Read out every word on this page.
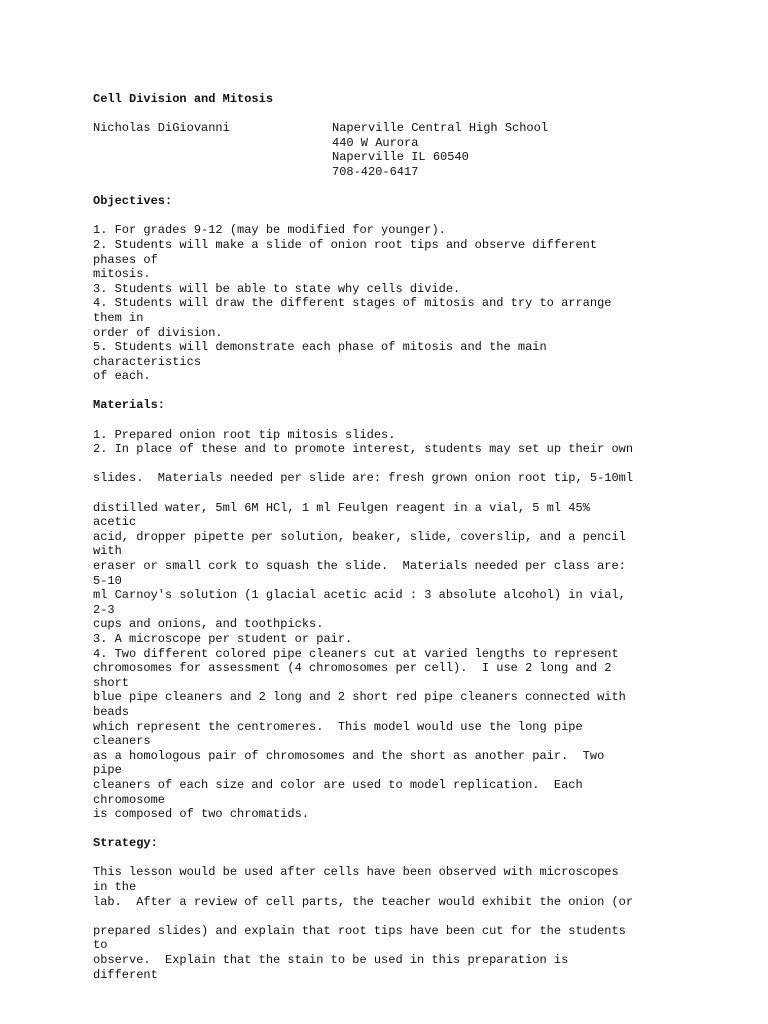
Cell Division and Mitosis
Nicholas DiGiovanni	Naperville Central High School
440 W Aurora
Naperville IL 60540
708-420-6417
Objectives:
1. For grades 9-12 (may be modified for younger).
2. Students will make a slide of onion root tips and observe different
phases of
mitosis.
3. Students will be able to state why cells divide.
4. Students will draw the different stages of mitosis and try to arrange
them in
order of division.
5. Students will demonstrate each phase of mitosis and the main
characteristics
of each.
Materials:
1. Prepared onion root tip mitosis slides.
2. In place of these and to promote interest, students may set up their own
slides.  Materials needed per slide are: fresh grown onion root tip, 5-10ml
distilled water, 5ml 6M HCl, 1 ml Feulgen reagent in a vial, 5 ml 45%
acetic
acid, dropper pipette per solution, beaker, slide, coverslip, and a pencil
with
eraser or small cork to squash the slide.  Materials needed per class are:
5-10
ml Carnoy's solution (1 glacial acetic acid : 3 absolute alcohol) in vial,
2-3
cups and onions, and toothpicks.
3. A microscope per student or pair.
4. Two different colored pipe cleaners cut at varied lengths to represent
chromosomes for assessment (4 chromosomes per cell).  I use 2 long and 2
short
blue pipe cleaners and 2 long and 2 short red pipe cleaners connected with
beads
which represent the centromeres.  This model would use the long pipe
cleaners
as a homologous pair of chromosomes and the short as another pair.  Two
pipe
cleaners of each size and color are used to model replication.  Each
chromosome
is composed of two chromatids.
Strategy:
This lesson would be used after cells have been observed with microscopes
in the
lab.  After a review of cell parts, the teacher would exhibit the onion (or
prepared slides) and explain that root tips have been cut for the students
to
observe.  Explain that the stain to be used in this preparation is
different
